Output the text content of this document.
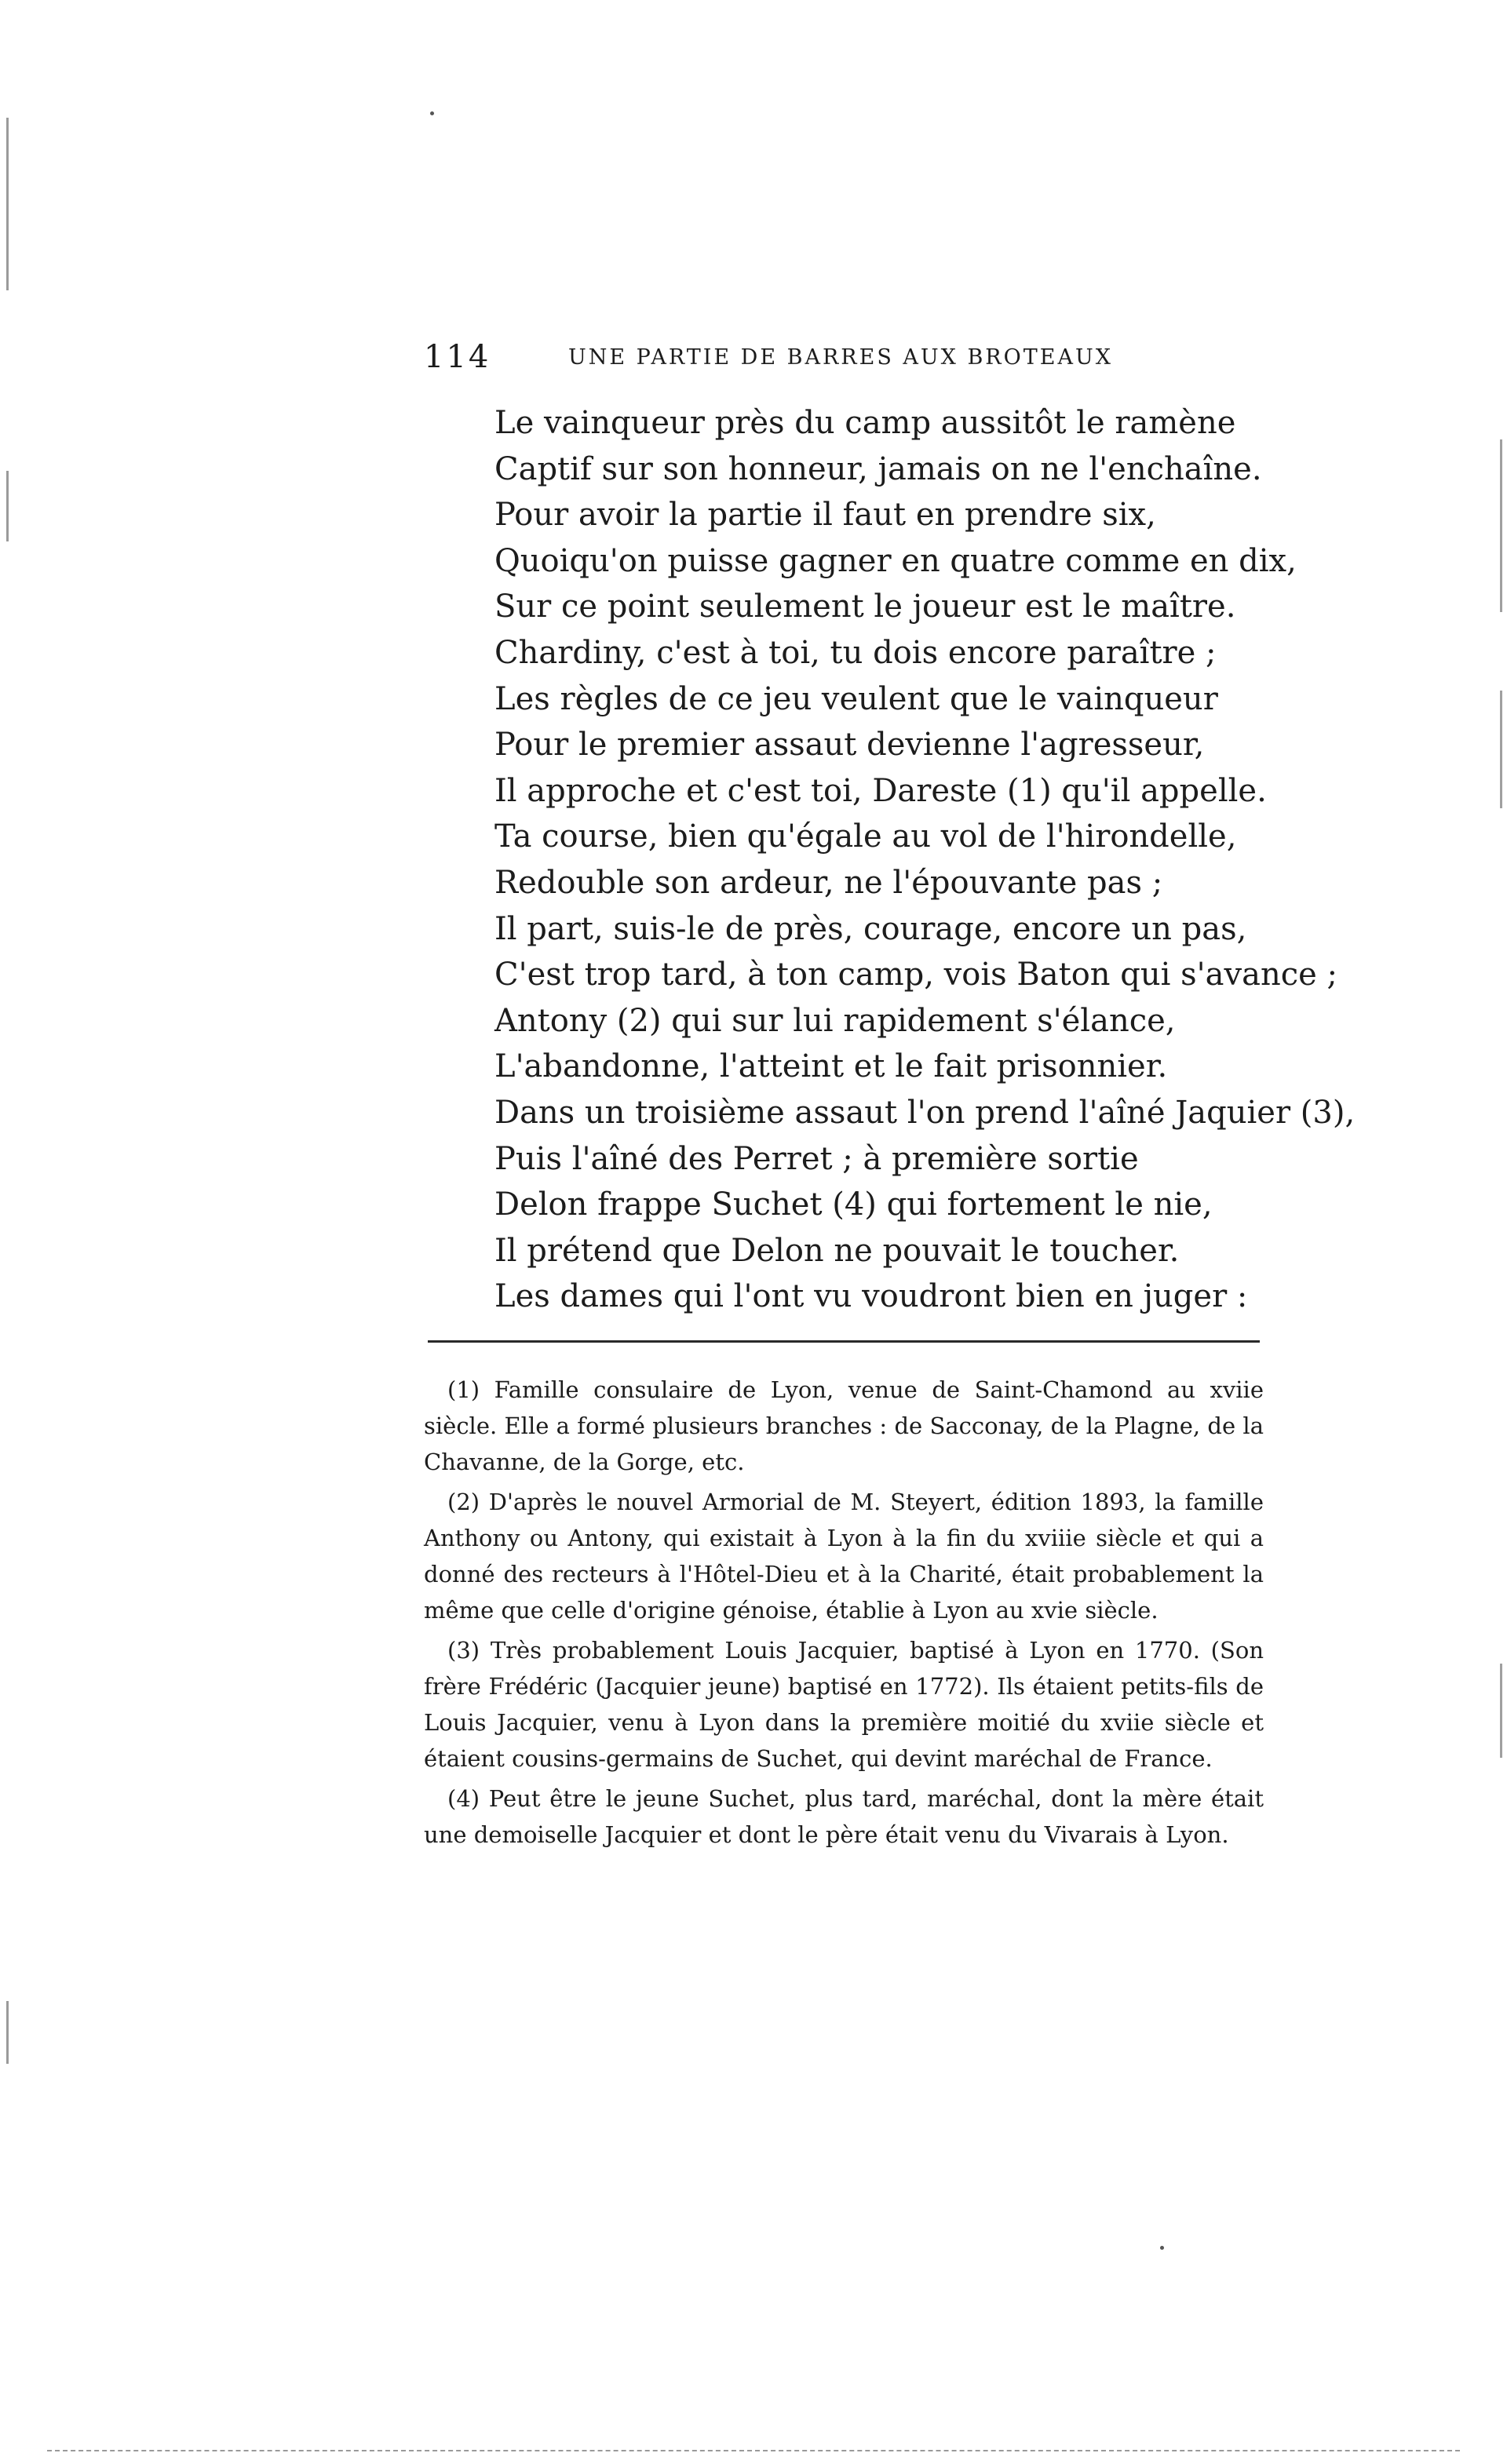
114	UNE PARTIE DE BARRES AUX BROTEAUX
Le vainqueur près du camp aussitôt le ramène
Captif sur son honneur, jamais on ne l'enchaîne.
Pour avoir la partie il faut en prendre six,
Quoiqu'on puisse gagner en quatre comme en dix,
Sur ce point seulement le joueur est le maître.
Chardiny, c'est à toi, tu dois encore paraître ;
Les règles de ce jeu veulent que le vainqueur
Pour le premier assaut devienne l'agresseur,
Il approche et c'est toi, Dareste (1) qu'il appelle.
Ta course, bien qu'égale au vol de l'hirondelle,
Redouble son ardeur, ne l'épouvante pas ;
Il part, suis-le de près, courage, encore un pas,
C'est trop tard, à ton camp, vois Baton qui s'avance ;
Antony (2) qui sur lui rapidement s'élance,
L'abandonne, l'atteint et le fait prisonnier.
Dans un troisième assaut l'on prend l'aîné Jaquier (3),
Puis l'aîné des Perret ; à première sortie
Delon frappe Suchet (4) qui fortement le nie,
Il prétend que Delon ne pouvait le toucher.
Les dames qui l'ont vu voudront bien en juger :

(1) Famille consulaire de Lyon, venue de Saint-Chamond au xviie siècle. Elle a formé plusieurs branches : de Sacconay, de la Plagne, de la Chavanne, de la Gorge, etc.

(2) D'après le nouvel Armorial de M. Steyert, édition 1893, la famille Anthony ou Antony, qui existait à Lyon à la fin du xviiie siècle et qui a donné des recteurs à l'Hôtel-Dieu et à la Charité, était probablement la même que celle d'origine génoise, établie à Lyon au xvie siècle.

(3) Très probablement Louis Jacquier, baptisé à Lyon en 1770. (Son frère Frédéric (Jacquier jeune) baptisé en 1772). Ils étaient petits-fils de Louis Jacquier, venu à Lyon dans la première moitié du xviie siècle et étaient cousins-germains de Suchet, qui devint maréchal de France.

(4) Peut être le jeune Suchet, plus tard, maréchal, dont la mère était une demoiselle Jacquier et dont le père était venu du Vivarais à Lyon.
